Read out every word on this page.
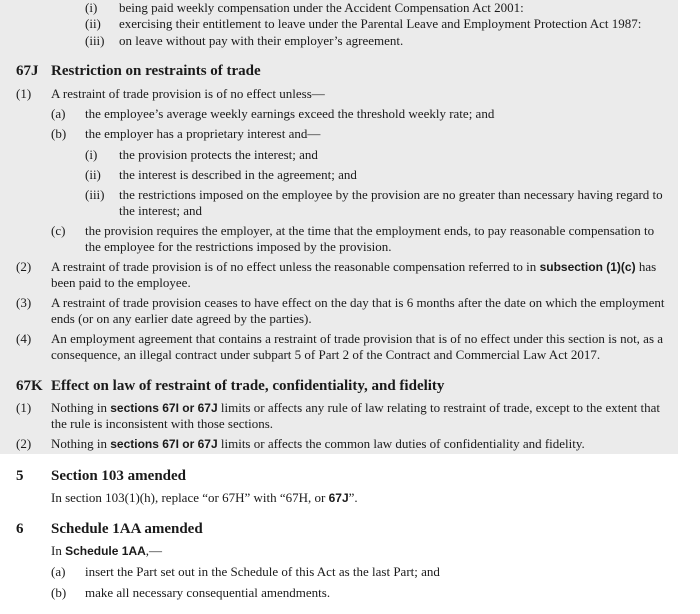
(i) being paid weekly compensation under the Accident Compensation Act 2001:
(ii) exercising their entitlement to leave under the Parental Leave and Employment Protection Act 1987:
(iii) on leave without pay with their employer’s agreement.
67J Restriction on restraints of trade
(1) A restraint of trade provision is of no effect unless—
(a) the employee’s average weekly earnings exceed the threshold weekly rate; and
(b) the employer has a proprietary interest and—
(i) the provision protects the interest; and
(ii) the interest is described in the agreement; and
(iii) the restrictions imposed on the employee by the provision are no greater than necessary having regard to
the interest; and
(c) the provision requires the employer, at the time that the employment ends, to pay reasonable compensation to
the employee for the restrictions imposed by the provision.
(2) A restraint of trade provision is of no effect unless the reasonable compensation referred to in subsection (1)(c) has
been paid to the employee.
(3) A restraint of trade provision ceases to have effect on the day that is 6 months after the date on which the employment
ends (or on any earlier date agreed by the parties).
(4) An employment agreement that contains a restraint of trade provision that is of no effect under this section is not, as a
consequence, an illegal contract under subpart 5 of Part 2 of the Contract and Commercial Law Act 2017.
67K Effect on law of restraint of trade, confidentiality, and fidelity
(1) Nothing in sections 67I or 67J limits or affects any rule of law relating to restraint of trade, except to the extent that
the rule is inconsistent with those sections.
(2) Nothing in sections 67I or 67J limits or affects the common law duties of confidentiality and fidelity.
5 Section 103 amended
In section 103(1)(h), replace “or 67H” with “67H, or 67J”.
6 Schedule 1AA amended
In Schedule 1AA,—
(a) insert the Part set out in the Schedule of this Act as the last Part; and
(b) make all necessary consequential amendments.
